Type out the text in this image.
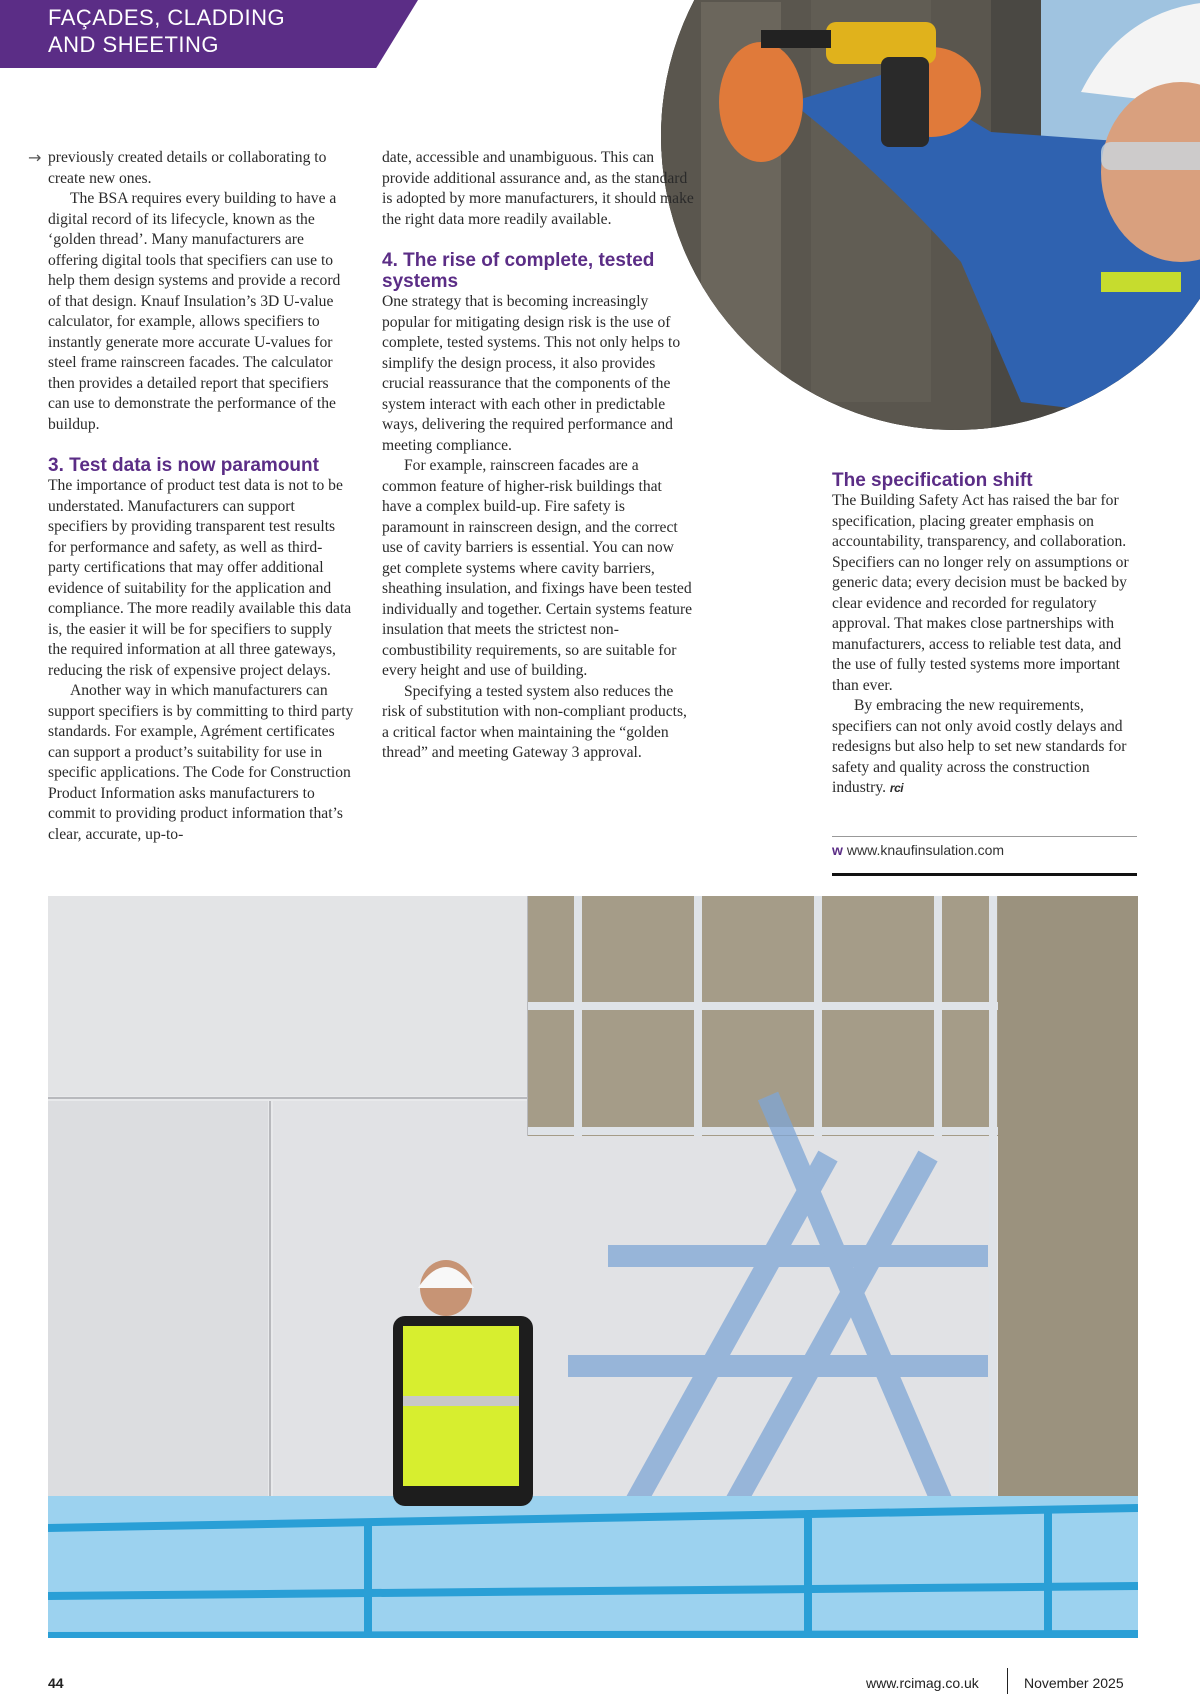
FAÇADES, CLADDING
AND SHEETING
→ previously created details or collaborating to create new ones.

The BSA requires every building to have a digital record of its lifecycle, known as the ‘golden thread’. Many manufacturers are offering digital tools that specifiers can use to help them design systems and provide a record of that design. Knauf Insulation’s 3D U-value calculator, for example, allows specifiers to instantly generate more accurate U-values for steel frame rainscreen facades. The calculator then provides a detailed report that specifiers can use to demonstrate the performance of the buildup.

3. Test data is now paramount

The importance of product test data is not to be understated. Manufacturers can support specifiers by providing transparent test results for performance and safety, as well as third-party certifications that may offer additional evidence of suitability for the application and compliance. The more readily available this data is, the easier it will be for specifiers to supply the required information at all three gateways, reducing the risk of expensive project delays.

Another way in which manufacturers can support specifiers is by committing to third party standards. For example, Agrément certificates can support a product’s suitability for use in specific applications. The Code for Construction Product Information asks manufacturers to commit to providing product information that’s clear, accurate, up-to-

date, accessible and unambiguous. This can provide additional assurance and, as the standard is adopted by more manufacturers, it should make the right data more readily available.

4. The rise of complete, tested systems

One strategy that is becoming increasingly popular for mitigating design risk is the use of complete, tested systems. This not only helps to simplify the design process, it also provides crucial reassurance that the components of the system interact with each other in predictable ways, delivering the required performance and meeting compliance.

For example, rainscreen facades are a common feature of higher-risk buildings that have a complex build-up. Fire safety is paramount in rainscreen design, and the correct use of cavity barriers is essential. You can now get complete systems where cavity barriers, sheathing insulation, and fixings have been tested individually and together. Certain systems feature insulation that meets the strictest non-combustibility requirements, so are suitable for every height and use of building.

Specifying a tested system also reduces the risk of substitution with non-compliant products, a critical factor when maintaining the “golden thread” and meeting Gateway 3 approval.

The specification shift

The Building Safety Act has raised the bar for specification, placing greater emphasis on accountability, transparency, and collaboration. Specifiers can no longer rely on assumptions or generic data; every decision must be backed by clear evidence and recorded for regulatory approval. That makes close partnerships with manufacturers, access to reliable test data, and the use of fully tested systems more important than ever.

By embracing the new requirements, specifiers can not only avoid costly delays and redesigns but also help to set new standards for safety and quality across the construction industry. rci

w www.knaufinsulation.com
44	www.rcimag.co.uk	November 2025
